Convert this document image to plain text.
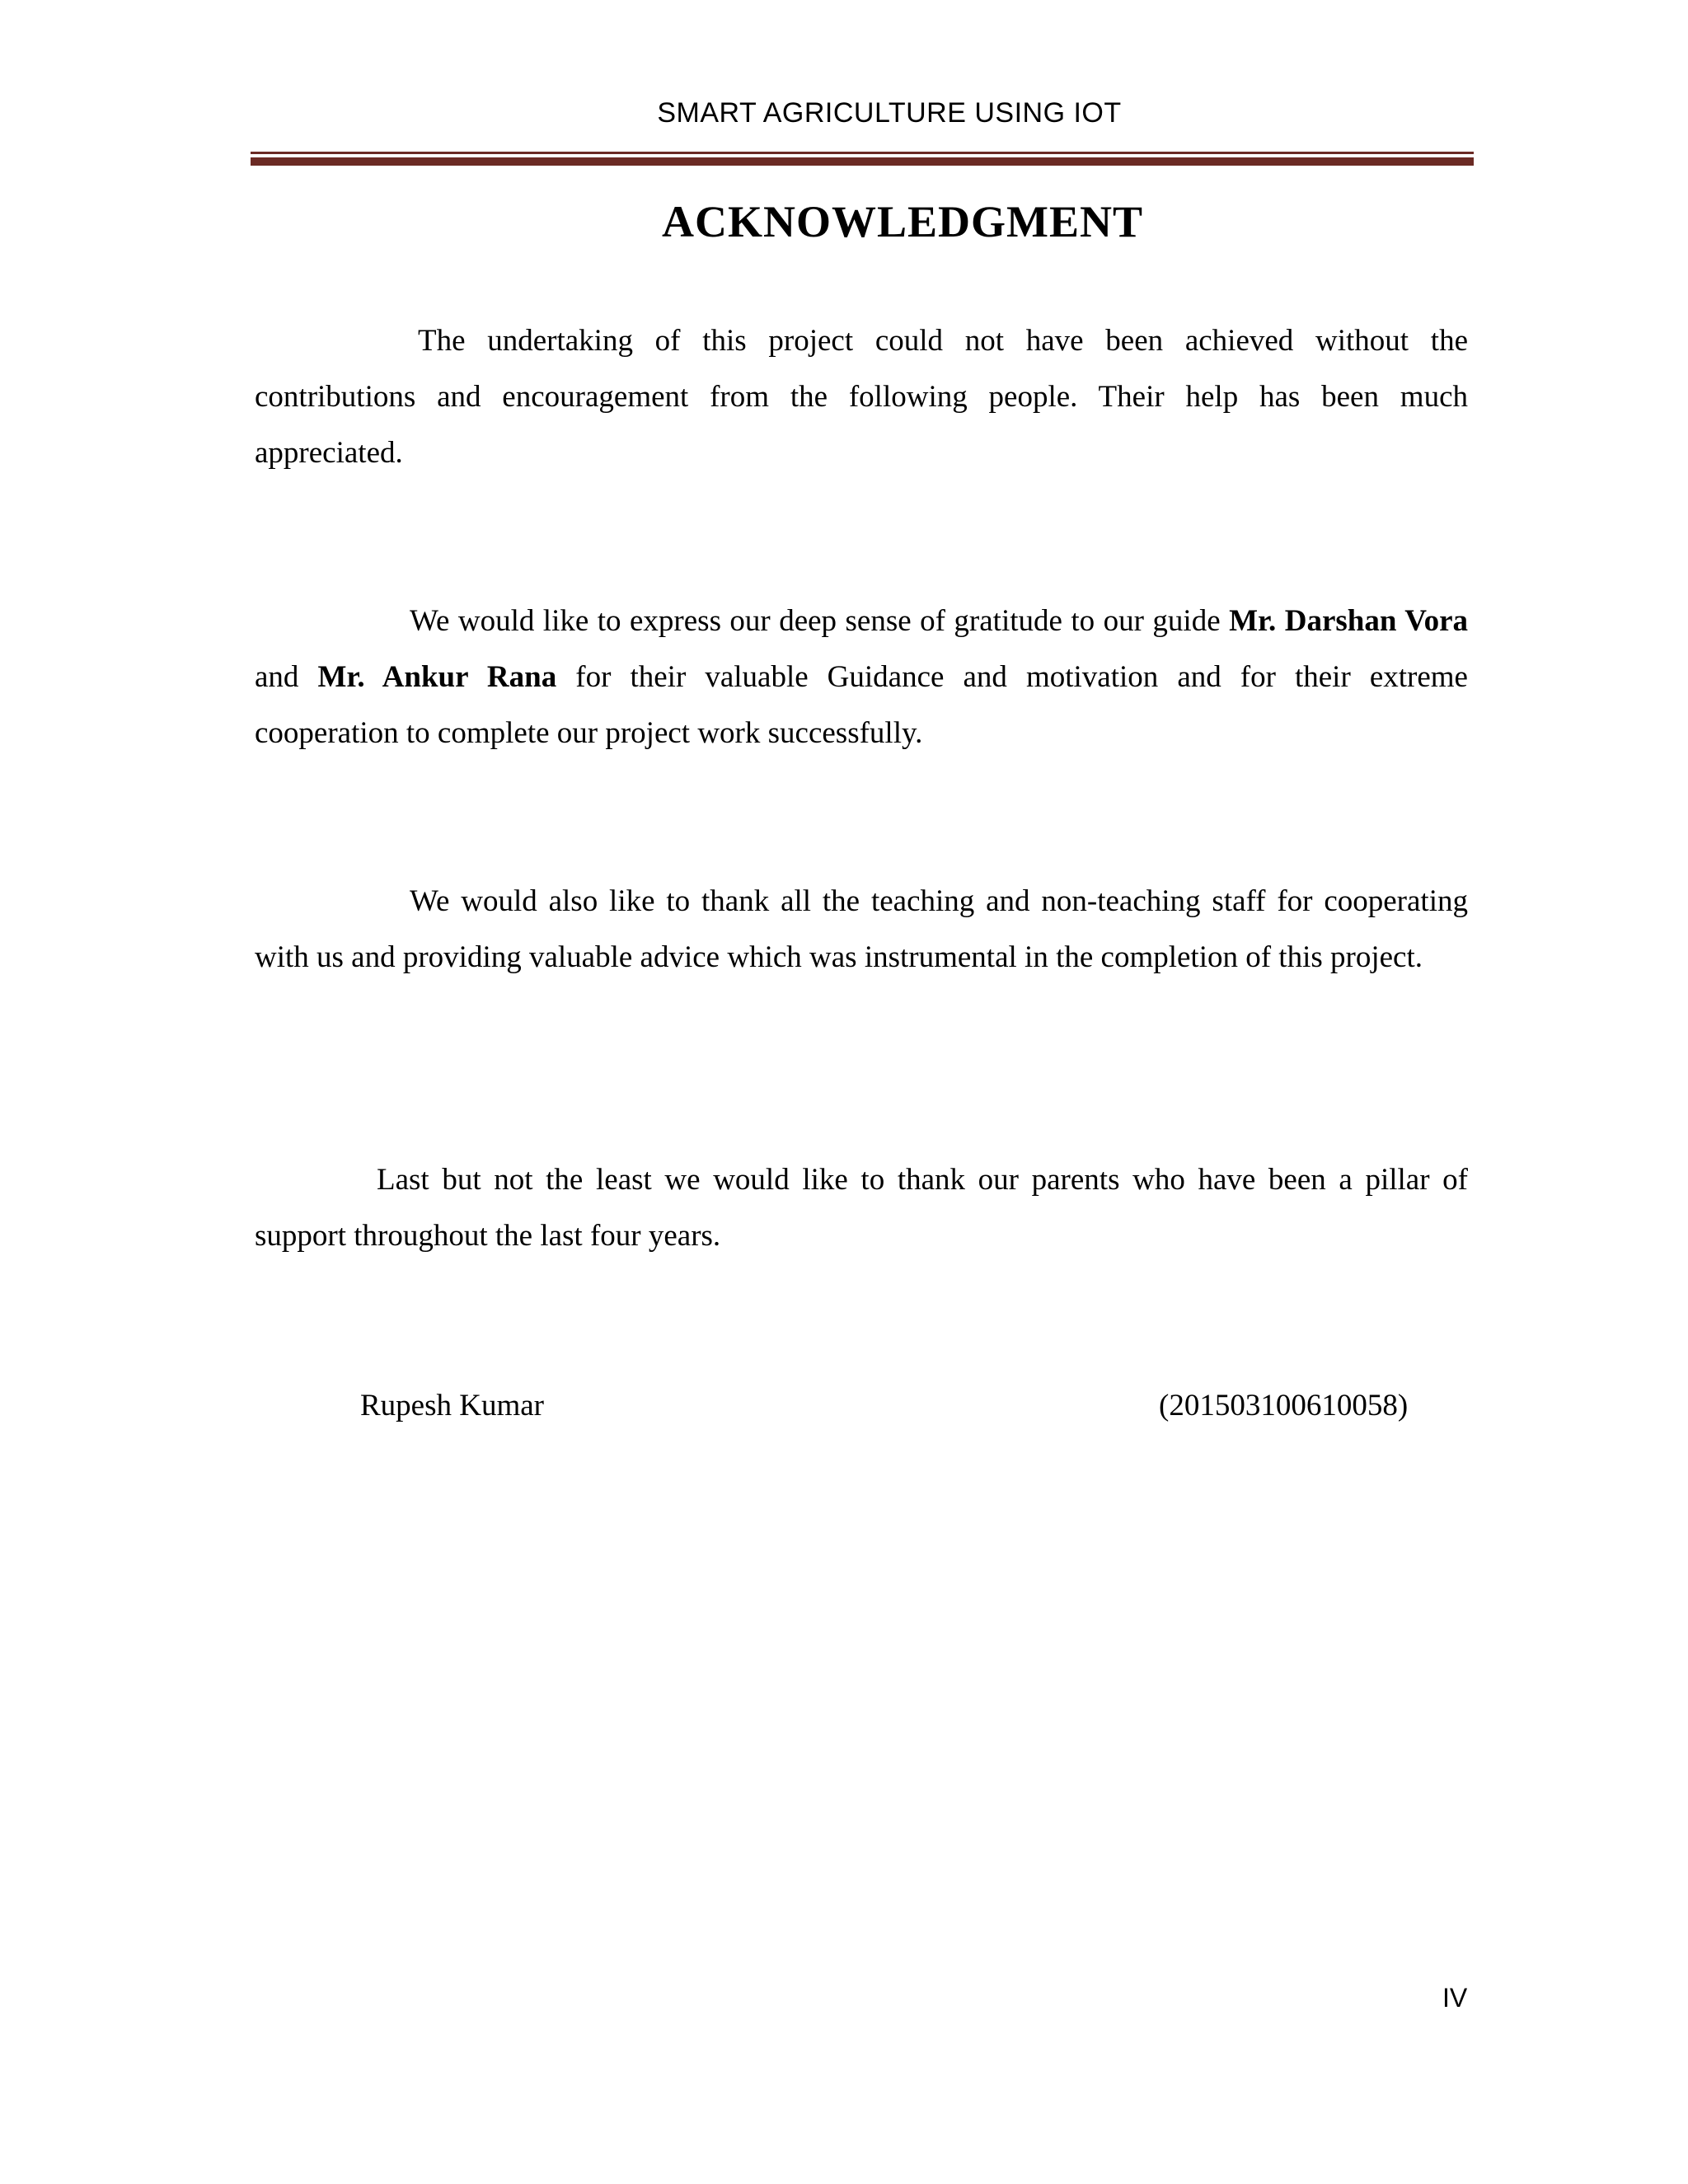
SMART AGRICULTURE USING IOT
ACKNOWLEDGMENT

The undertaking of this project could not have been achieved without the contributions and encouragement from the following people. Their help has been much appreciated.

We would like to express our deep sense of gratitude to our guide Mr. Darshan Vora and Mr. Ankur Rana for their valuable Guidance and motivation and for their extreme cooperation to complete our project work successfully.

We would also like to thank all the teaching and non-teaching staff for cooperating with us and providing valuable advice which was instrumental in the completion of this project.

Last but not the least we would like to thank our parents who have been a pillar of support throughout the last four years.

Rupesh Kumar	(201503100610058)
IV
